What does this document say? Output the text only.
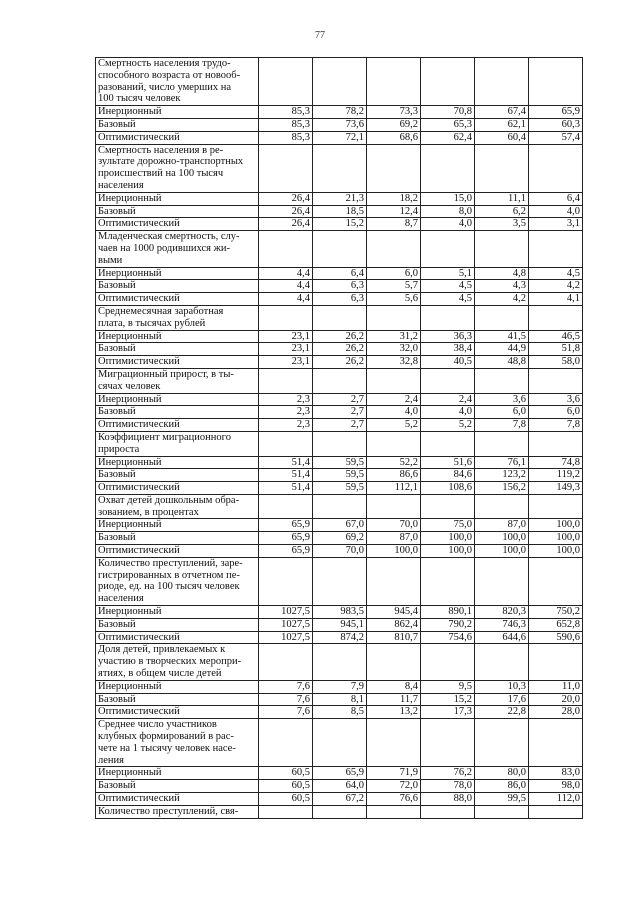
77
Смертность населения трудо-
способного возраста от новооб-
разований, число умерших на
100 тысяч человек						

Инерционный	85,3	78,2	73,3	70,8	67,4	65,9
Базовый	85,3	73,6	69,2	65,3	62,1	60,3
Оптимистический	85,3	72,1	68,6	62,4	60,4	57,4

Смертность населения в ре-
зультате дорожно-транспортных
происшествий на 100 тысяч
населения						

Инерционный	26,4	21,3	18,2	15,0	11,1	6,4
Базовый	26,4	18,5	12,4	8,0	6,2	4,0
Оптимистический	26,4	15,2	8,7	4,0	3,5	3,1

Младенческая смертность, слу-
чаев на 1000 родившихся жи-
выми						

Инерционный	4,4	6,4	6,0	5,1	4,8	4,5
Базовый	4,4	6,3	5,7	4,5	4,3	4,2
Оптимистический	4,4	6,3	5,6	4,5	4,2	4,1

Среднемесячная заработная
плата, в тысячах рублей						

Инерционный	23,1	26,2	31,2	36,3	41,5	46,5
Базовый	23,1	26,2	32,0	38,4	44,9	51,8
Оптимистический	23,1	26,2	32,8	40,5	48,8	58,0

Миграционный прирост, в ты-
сячах человек						

Инерционный	2,3	2,7	2,4	2,4	3,6	3,6
Базовый	2,3	2,7	4,0	4,0	6,0	6,0
Оптимистический	2,3	2,7	5,2	5,2	7,8	7,8

Коэффициент миграционного
прироста						

Инерционный	51,4	59,5	52,2	51,6	76,1	74,8
Базовый	51,4	59,5	86,6	84,6	123,2	119,2
Оптимистический	51,4	59,5	112,1	108,6	156,2	149,3

Охват детей дошкольным обра-
зованием, в процентах						

Инерционный	65,9	67,0	70,0	75,0	87,0	100,0
Базовый	65,9	69,2	87,0	100,0	100,0	100,0
Оптимистический	65,9	70,0	100,0	100,0	100,0	100,0

Количество преступлений, заре-
гистрированных в отчетном пе-
риоде, ед. на 100 тысяч человек
населения						

Инерционный	1027,5	983,5	945,4	890,1	820,3	750,2
Базовый	1027,5	945,1	862,4	790,2	746,3	652,8
Оптимистический	1027,5	874,2	810,7	754,6	644,6	590,6

Доля детей, привлекаемых к
участию в творческих меропри-
ятиях, в общем числе детей						

Инерционный	7,6	7,9	8,4	9,5	10,3	11,0
Базовый	7,6	8,1	11,7	15,2	17,6	20,0
Оптимистический	7,6	8,5	13,2	17,3	22,8	28,0

Среднее число участников
клубных формирований в рас-
чете на 1 тысячу человек насе-
ления						

Инерционный	60,5	65,9	71,9	76,2	80,0	83,0
Базовый	60,5	64,0	72,0	78,0	86,0	98,0
Оптимистический	60,5	67,2	76,6	88,0	99,5	112,0

Количество преступлений, свя-						
